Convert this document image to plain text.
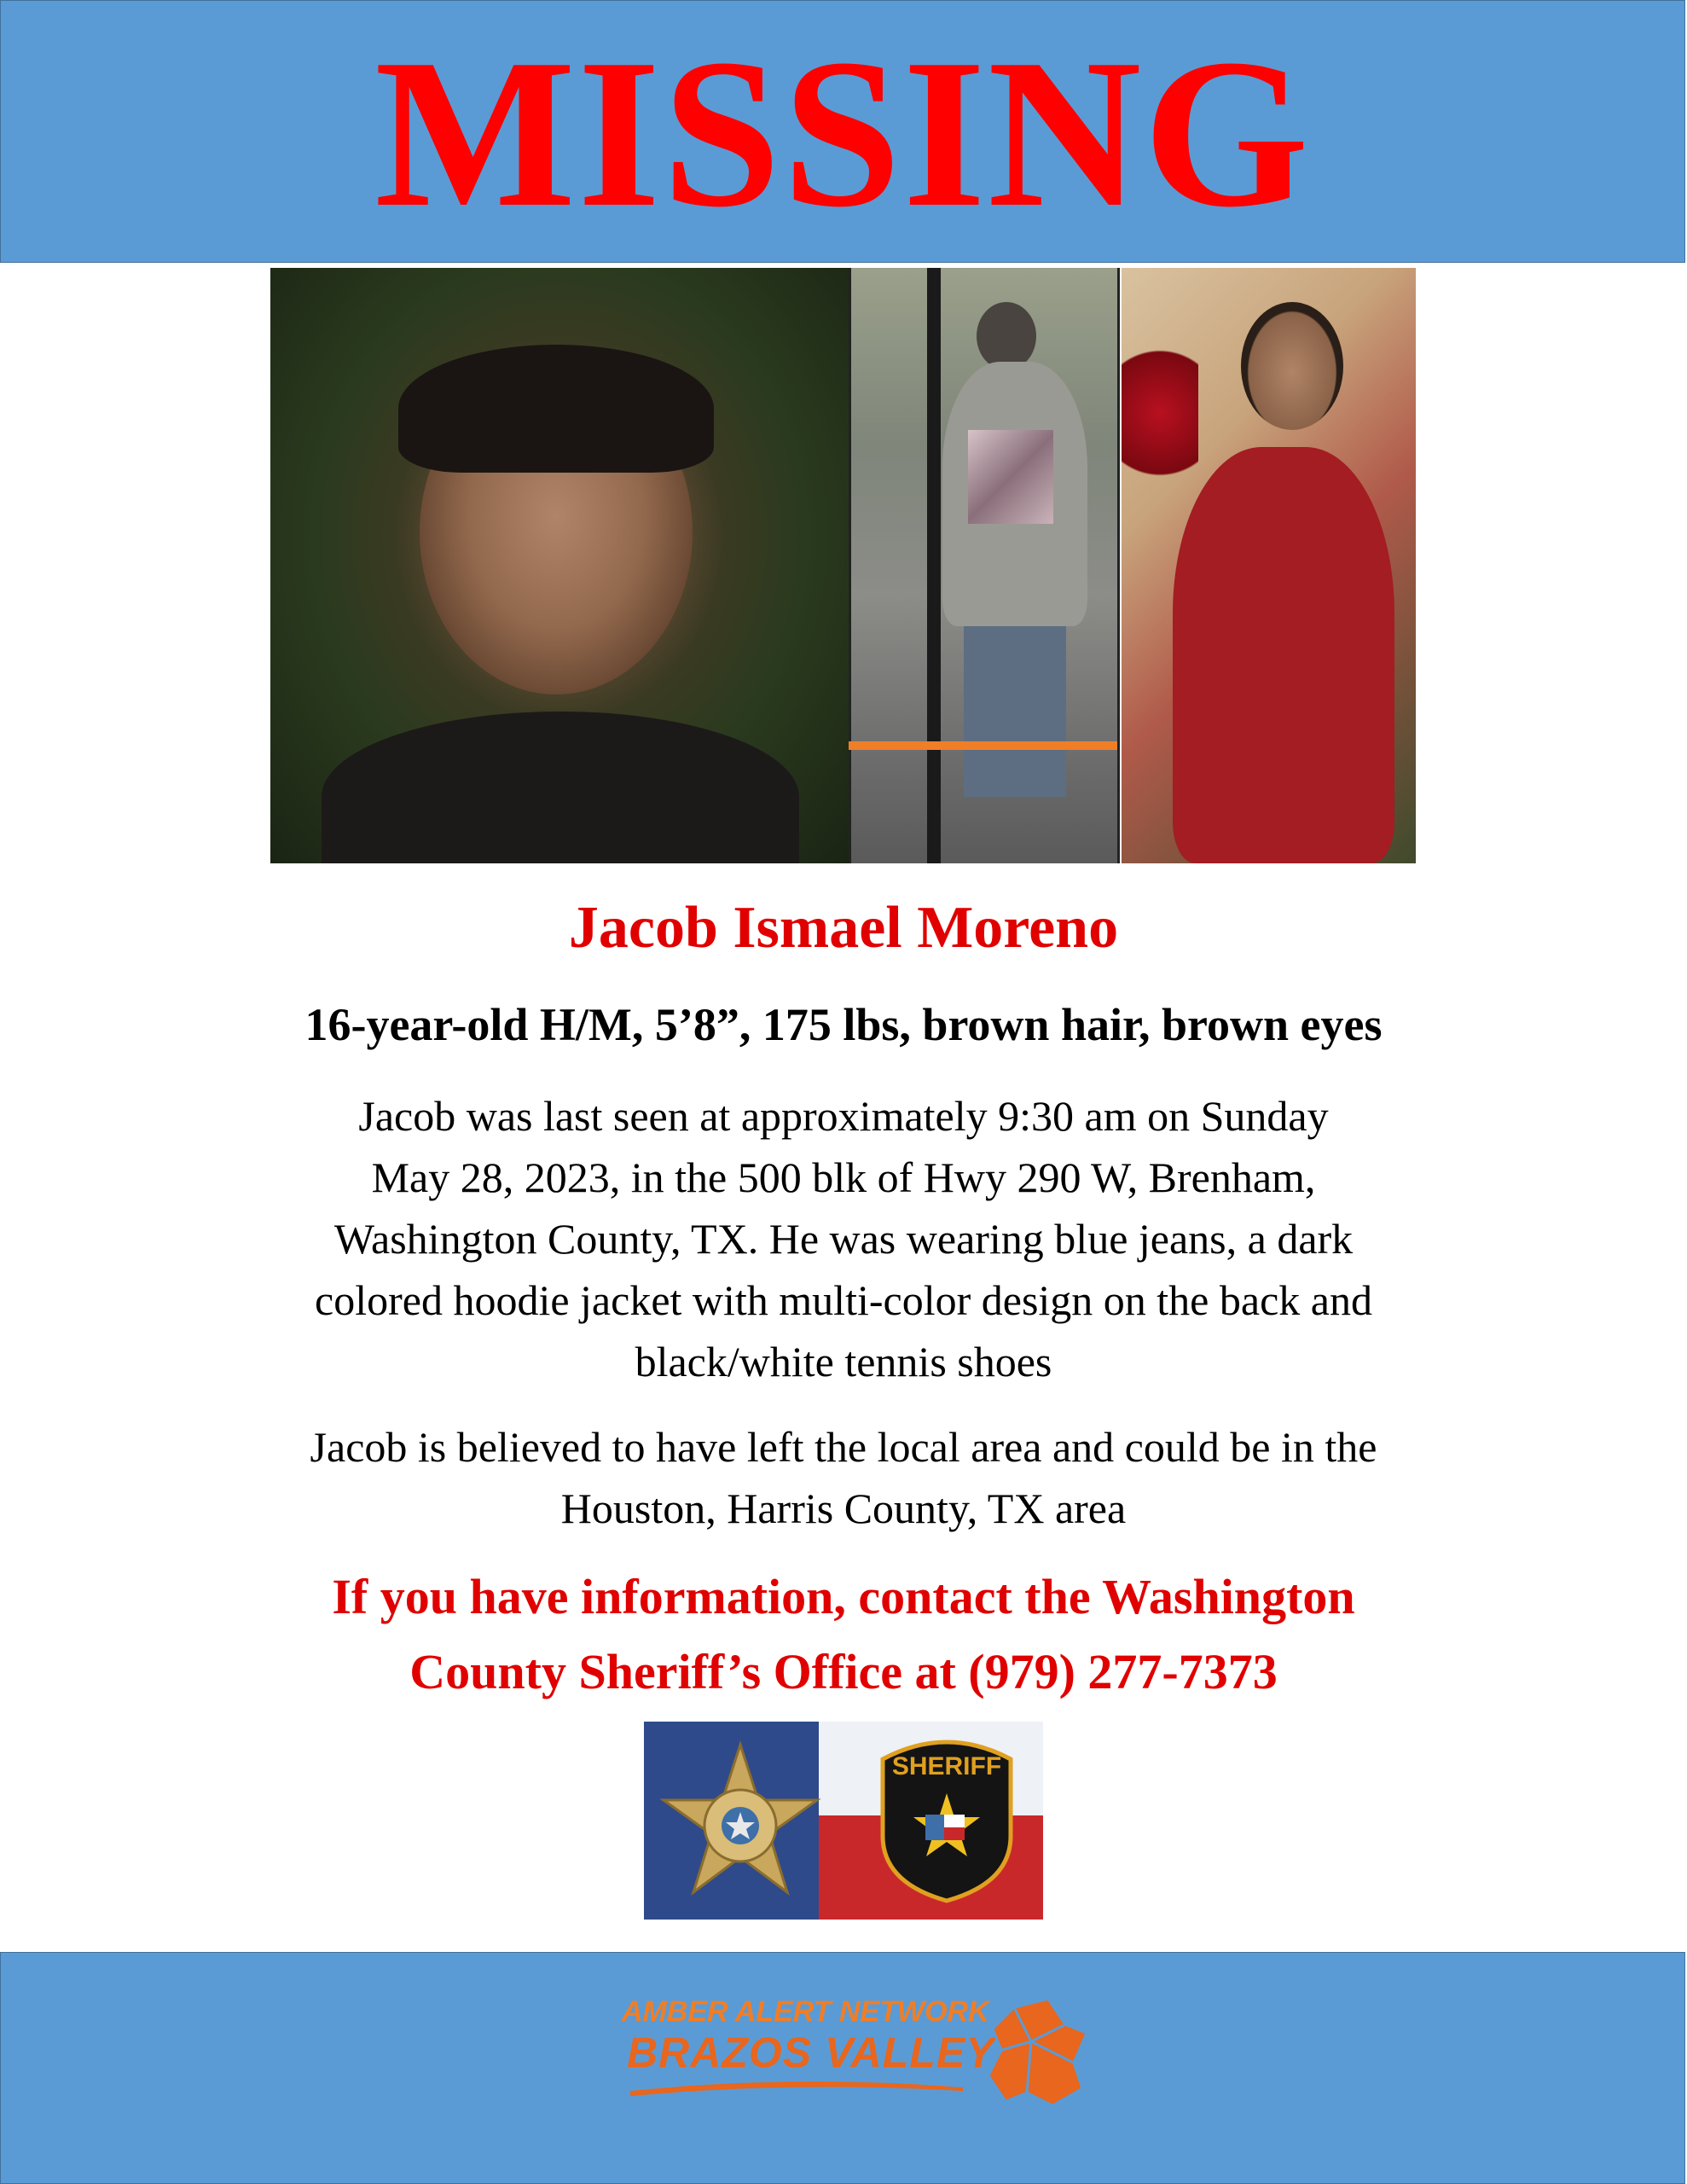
MISSING
Jacob Ismael Moreno
16-year-old H/M, 5’8”, 175 lbs, brown hair, brown eyes
Jacob was last seen at approximately 9:30 am on Sunday
May 28, 2023, in the 500 blk of Hwy 290 W, Brenham,
Washington County, TX. He was wearing blue jeans, a dark
colored hoodie jacket with multi-color design on the back and
black/white tennis shoes
Jacob is believed to have left the local area and could be in the
Houston, Harris County, TX area
If you have information, contact the Washington
County Sheriff’s Office at (979) 277-7373
SHERIFF
AMBER ALERT NETWORK
BRAZOS VALLEY
